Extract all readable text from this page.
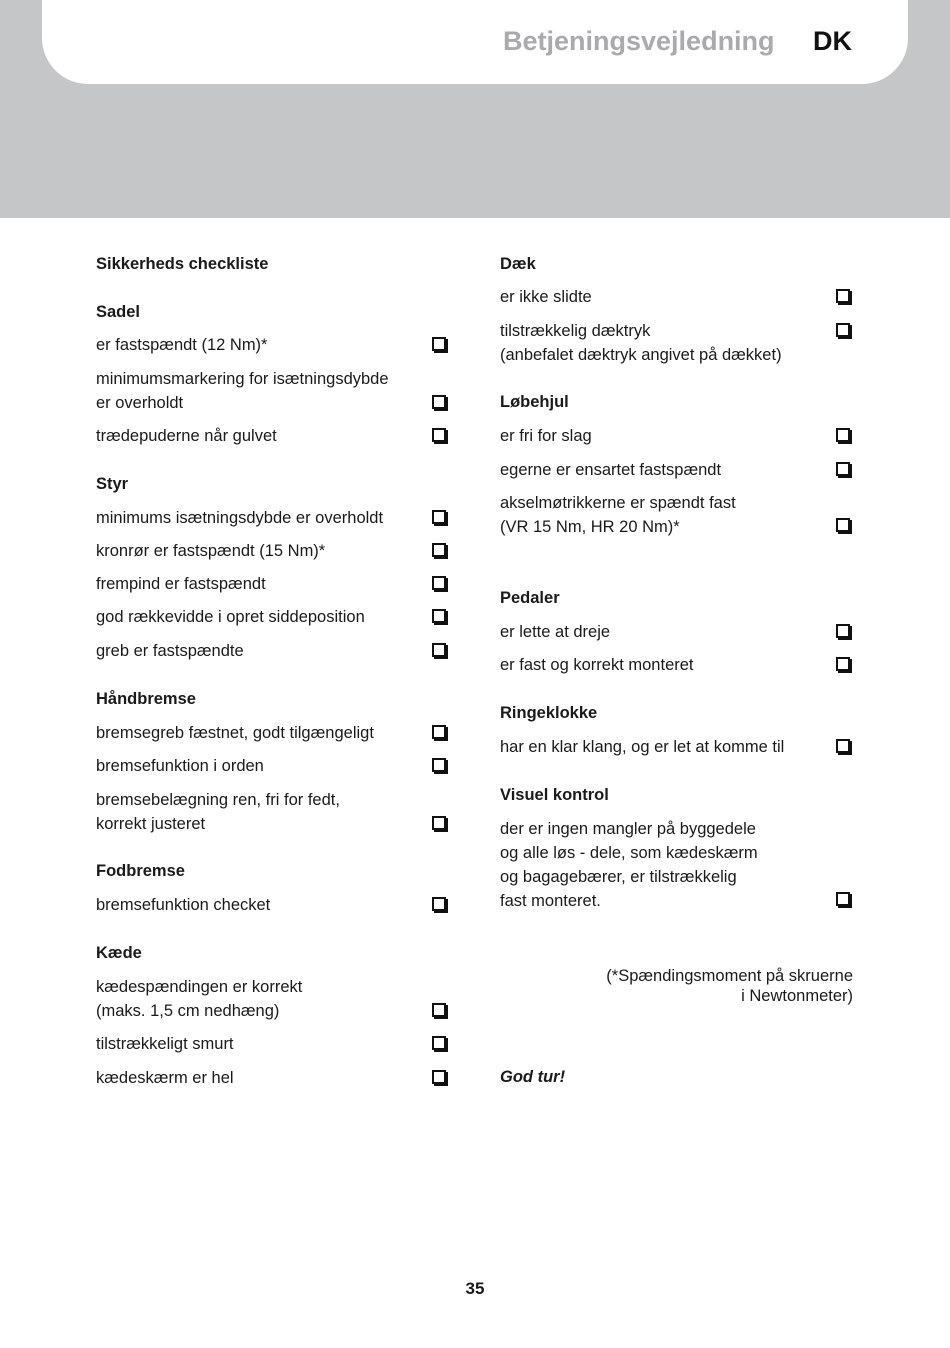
Betjeningsvejledning DK
Sikkerheds checkliste
Sadel
er fastspændt (12 Nm)*
minimumsmarkering for isætningsdybde
er overholdt
trædepuderne når gulvet
Styr
minimums isætningsdybde er overholdt
kronrør er fastspændt (15 Nm)*
frempind er fastspændt
god rækkevidde i opret siddeposition
greb er fastspændte
Håndbremse
bremsegreb fæstnet, godt tilgængeligt
bremsefunktion i orden
bremsebelægning ren, fri for fedt,
korrekt justeret
Fodbremse
bremsefunktion checket
Kæde
kædespændingen er korrekt
(maks. 1,5 cm nedhæng)
tilstrækkeligt smurt
kædeskærm er hel
Dæk
er ikke slidte
tilstrækkelig dæktryk
(anbefalet dæktryk angivet på dækket)
Løbehjul
er fri for slag
egerne er ensartet fastspændt
akselmøtrikkerne er spændt fast
(VR 15 Nm, HR 20 Nm)*
Pedaler
er lette at dreje
er fast og korrekt monteret
Ringeklokke
har en klar klang, og er let at komme til
Visuel kontrol
der er ingen mangler på byggedele
og alle løs - dele, som kædeskærm
og bagagebærer, er tilstrækkelig
fast monteret.
God tur!
(*Spændingsmoment på skruerne
i Newtonmeter)
35
